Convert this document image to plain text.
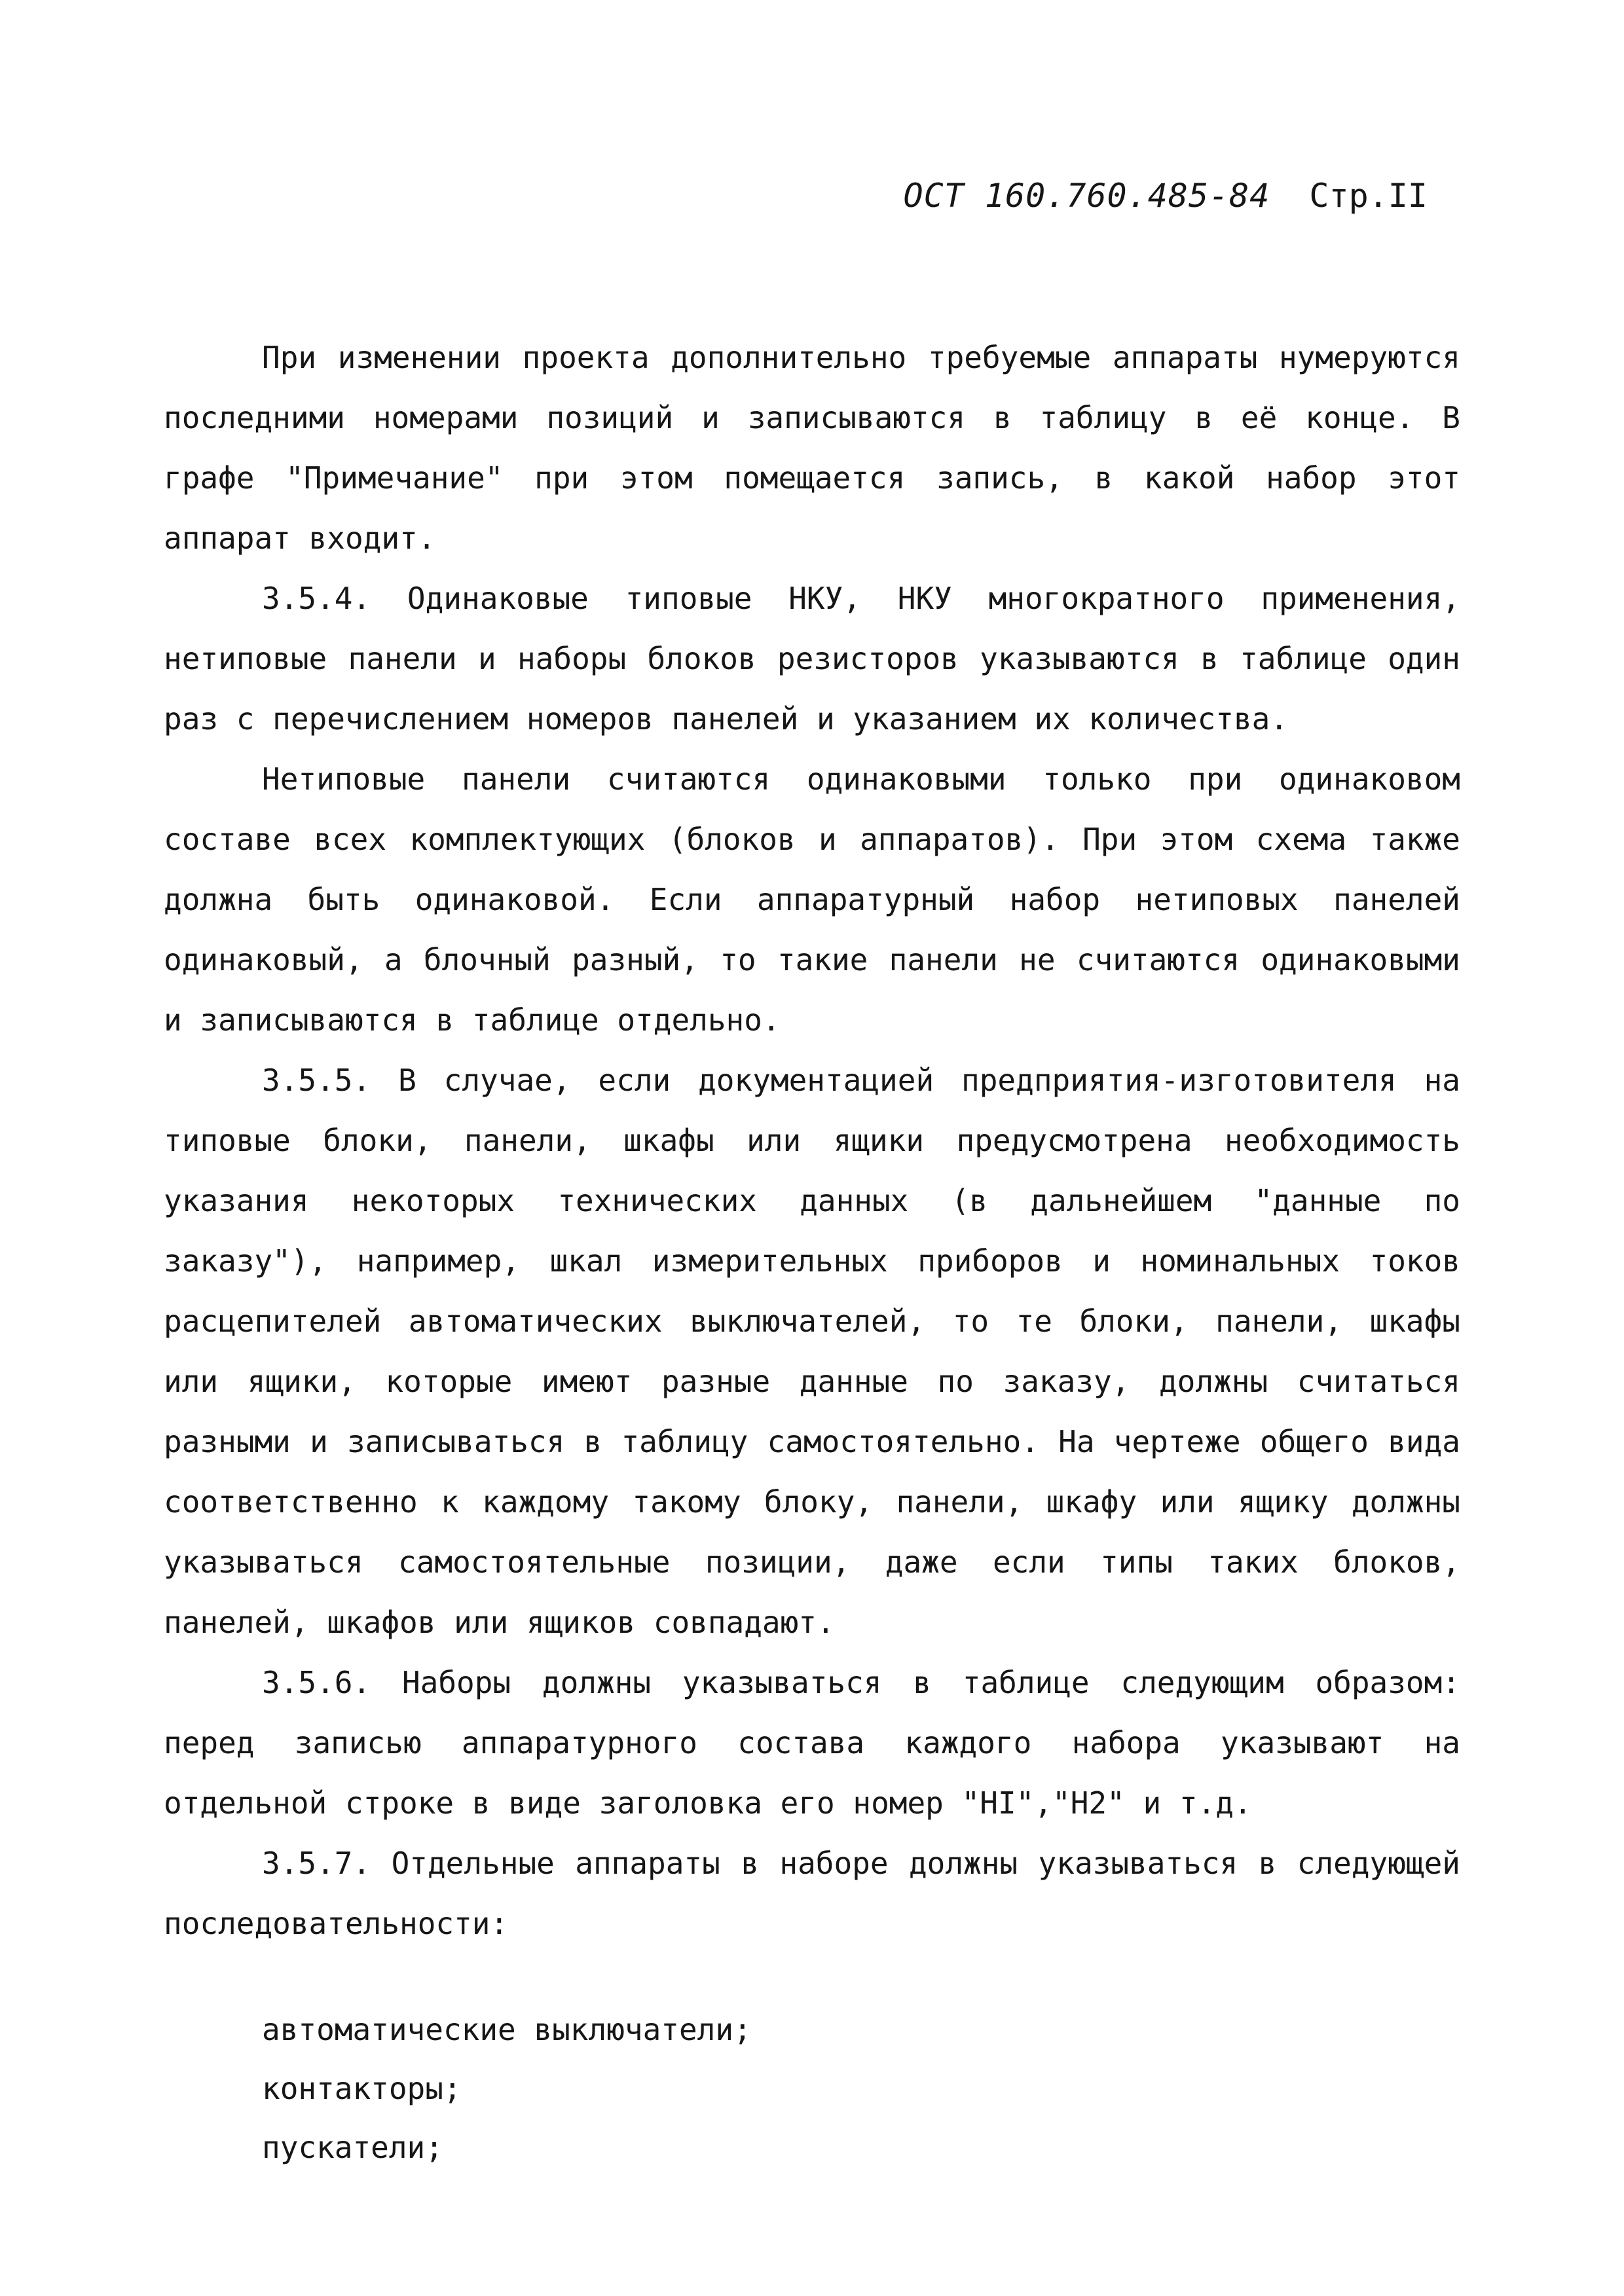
ОСТ 160.760.485-84 Стр.II

При изменении проекта дополнительно требуемые аппараты нумеруются последними номерами позиций и записываются в таблицу в её конце. В графе "Примечание" при этом помещается запись, в какой набор этот аппарат входит.

3.5.4. Одинаковые типовые НКУ, НКУ многократного применения, нетиповые панели и наборы блоков резисторов указываются в таблице один раз с перечислением номеров панелей и указанием их количества.

Нетиповые панели считаются одинаковыми только при одинаковом составе всех комплектующих (блоков и аппаратов). При этом схема также должна быть одинаковой. Если аппаратурный набор нетиповых панелей одинаковый, а блочный разный, то такие панели не считаются одинаковыми и записываются в таблице отдельно.

3.5.5. В случае, если документацией предприятия-изготовителя на типовые блоки, панели, шкафы или ящики предусмотрена необходимость указания некоторых технических данных (в дальнейшем "данные по заказу"), например, шкал измерительных приборов и номинальных токов расцепителей автоматических выключателей, то те блоки, панели, шкафы или ящики, которые имеют разные данные по заказу, должны считаться разными и записываться в таблицу самостоятельно. На чертеже общего вида соответственно к каждому такому блоку, панели, шкафу или ящику должны указываться самостоятельные позиции, даже если типы таких блоков, панелей, шкафов или ящиков совпадают.

3.5.6. Наборы должны указываться в таблице следующим образом: перед записью аппаратурного состава каждого набора указывают на отдельной строке в виде заголовка его номер "HI","H2" и т.д.

3.5.7. Отдельные аппараты в наборе должны указываться в следующей последовательности:

автоматические выключатели;
контакторы;
пускатели;
